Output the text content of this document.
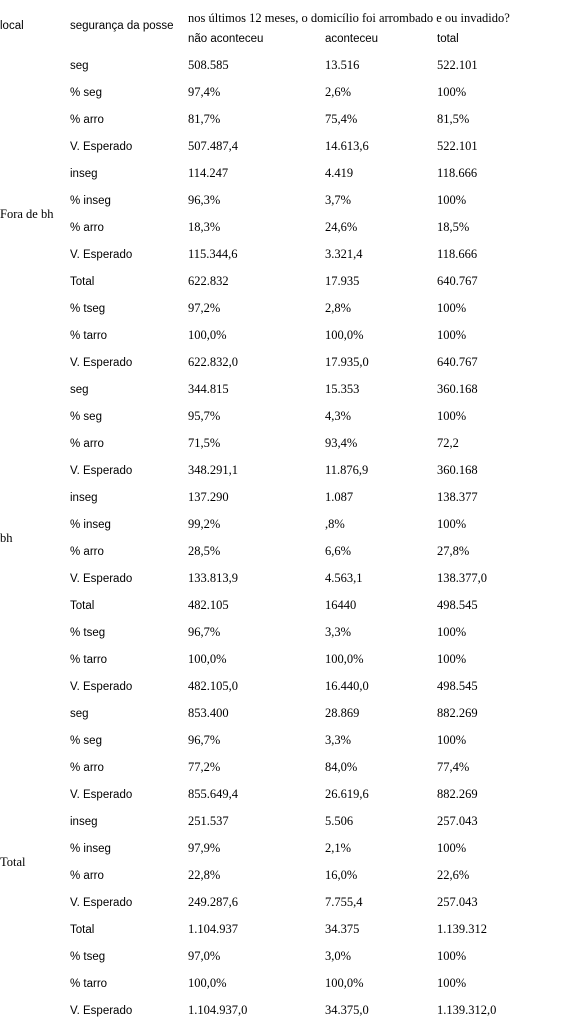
local	segurança da posse	nos últimos 12 meses, o domicílio foi arrombado e ou invadido?		
		não aconteceu	aconteceu	total
Fora de bh	seg	508.585	13.516	522.101
	% seg	97,4%	2,6%	100%
	% arro	81,7%	75,4%	81,5%
	V. Esperado	507.487,4	14.613,6	522.101
	inseg	114.247	4.419	118.666
	% inseg	96,3%	3,7%	100%
	% arro	18,3%	24,6%	18,5%
	V. Esperado	115.344,6	3.321,4	118.666
	Total	622.832	17.935	640.767
	% tseg	97,2%	2,8%	100%
	% tarro	100,0%	100,0%	100%
	V. Esperado	622.832,0	17.935,0	640.767
bh	seg	344.815	15.353	360.168
	% seg	95,7%	4,3%	100%
	% arro	71,5%	93,4%	72,2
	V. Esperado	348.291,1	11.876,9	360.168
	inseg	137.290	1.087	138.377
	% inseg	99,2%	,8%	100%
	% arro	28,5%	6,6%	27,8%
	V. Esperado	133.813,9	4.563,1	138.377,0
	Total	482.105	16440	498.545
	% tseg	96,7%	3,3%	100%
	% tarro	100,0%	100,0%	100%
	V. Esperado	482.105,0	16.440,0	498.545
Total	seg	853.400	28.869	882.269
	% seg	96,7%	3,3%	100%
	% arro	77,2%	84,0%	77,4%
	V. Esperado	855.649,4	26.619,6	882.269
	inseg	251.537	5.506	257.043
	% inseg	97,9%	2,1%	100%
	% arro	22,8%	16,0%	22,6%
	V. Esperado	249.287,6	7.755,4	257.043
	Total	1.104.937	34.375	1.139.312
	% tseg	97,0%	3,0%	100%
	% tarro	100,0%	100,0%	100%
	V. Esperado	1.104.937,0	34.375,0	1.139.312,0
